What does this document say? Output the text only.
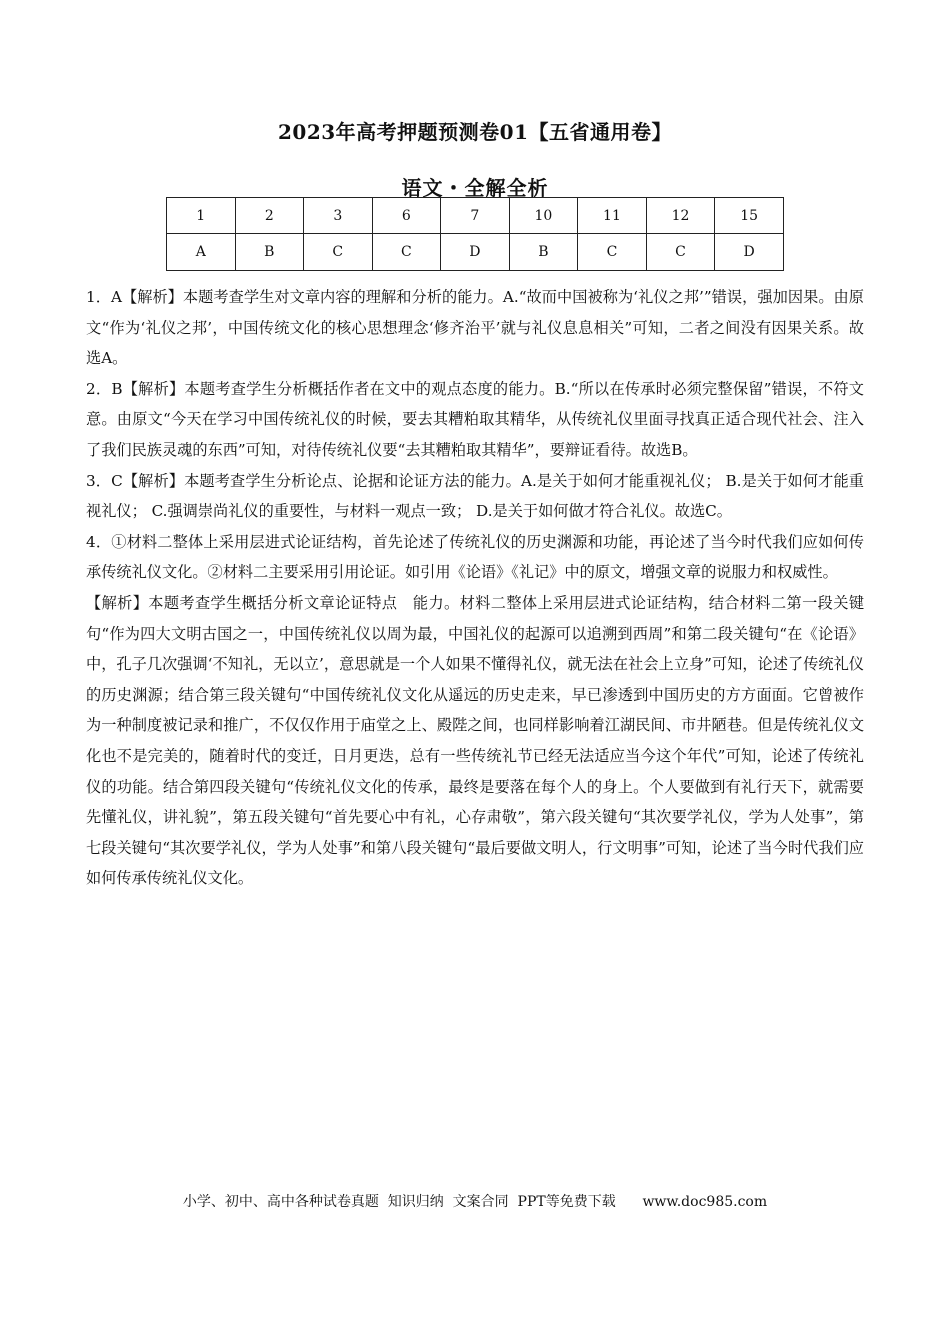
2023年高考押题预测卷01【五省通用卷】
语文・全解全析
1	2	3	6	7	10	11	12	15
A	B	C	C	D	B	C	C	D

1．A【解析】本题考查学生对文章内容的理解和分析的能力。A.“故而中国被称为‘礼仪之邦’”错误，强加因果。由原文“作为‘礼仪之邦’，中国传统文化的核心思想理念‘修齐治平’就与礼仪息息相关”可知，二者之间没有因果关系。故选A。

2．B【解析】本题考查学生分析概括作者在文中的观点态度的能力。B.“所以在传承时必须完整保留”错误，不符文意。由原文“今天在学习中国传统礼仪的时候，要去其糟粕取其精华，从传统礼仪里面寻找真正适合现代社会、注入了我们民族灵魂的东西”可知，对待传统礼仪要“去其糟粕取其精华”，要辩证看待。故选B。

3．C【解析】本题考查学生分析论点、论据和论证方法的能力。A.是关于如何才能重视礼仪； B.是关于如何才能重视礼仪； C.强调崇尚礼仪的重要性，与材料一观点一致； D.是关于如何做才符合礼仪。故选C。

4．①材料二整体上采用层进式论证结构，首先论述了传统礼仪的历史渊源和功能，再论述了当今时代我们应如何传承传统礼仪文化。②材料二主要采用引用论证。如引用《论语》《礼记》中的原文，增强文章的说服力和权威性。

【解析】本题考查学生概括分析文章论证特点　能力。材料二整体上采用层进式论证结构，结合材料二第一段关键句“作为四大文明古国之一，中国传统礼仪以周为最，中国礼仪的起源可以追溯到西周”和第二段关键句“在《论语》中，孔子几次强调‘不知礼，无以立’，意思就是一个人如果不懂得礼仪，就无法在社会上立身”可知，论述了传统礼仪的历史渊源；结合第三段关键句“中国传统礼仪文化从遥远的历史走来，早已渗透到中国历史的方方面面。它曾被作为一种制度被记录和推广，不仅仅作用于庙堂之上、殿陛之间，也同样影响着江湖民间、市井陋巷。但是传统礼仪文化也不是完美的，随着时代的变迁，日月更迭，总有一些传统礼节已经无法适应当今这个年代”可知，论述了传统礼仪的功能。结合第四段关键句“传统礼仪文化的传承，最终是要落在每个人的身上。个人要做到有礼行天下，就需要先懂礼仪，讲礼貌”，第五段关键句“首先要心中有礼，心存肃敬”，第六段关键句“其次要学礼仪，学为人处事”，第七段关键句“其次要学礼仪，学为人处事”和第八段关键句“最后要做文明人，行文明事”可知，论述了当今时代我们应如何传承传统礼仪文化。

小学、初中、高中各种试卷真题  知识归纳  文案合同  PPT等免费下载      www.doc985.com
